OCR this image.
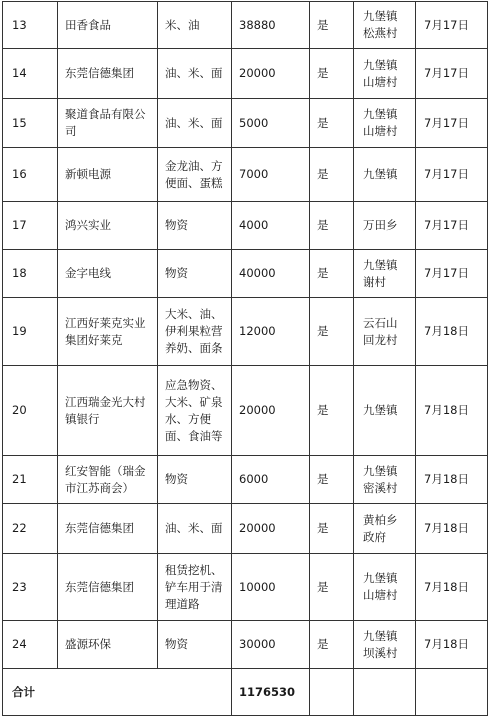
13	田香食品	米、油	38880	是	九堡镇松燕村	7月17日
14	东莞信德集团	油、米、面	20000	是	九堡镇山塘村	7月17日
15	聚道食品有限公司	油、米、面	5000	是	九堡镇山塘村	7月17日
16	新顿电源	金龙油、方便面、蛋糕	7000	是	九堡镇	7月17日
17	鸿兴实业	物资	4000	是	万田乡	7月17日
18	金字电线	物资	40000	是	九堡镇谢村	7月17日
19	江西好莱克实业集团好莱克	大米、油、伊利果粒营养奶、面条	12000	是	云石山回龙村	7月18日
20	江西瑞金光大村镇银行	应急物资、大米、矿泉水、方便面、食油等	20000	是	九堡镇	7月18日
21	红安智能（瑞金市江苏商会）	物资	6000	是	九堡镇密溪村	7月18日
22	东莞信德集团	油、米、面	20000	是	黄柏乡政府	7月18日
23	东莞信德集团	租赁挖机、铲车用于清理道路	10000	是	九堡镇山塘村	7月18日
24	盛源环保	物资	30000	是	九堡镇坝溪村	7月18日
合计			1176530			
